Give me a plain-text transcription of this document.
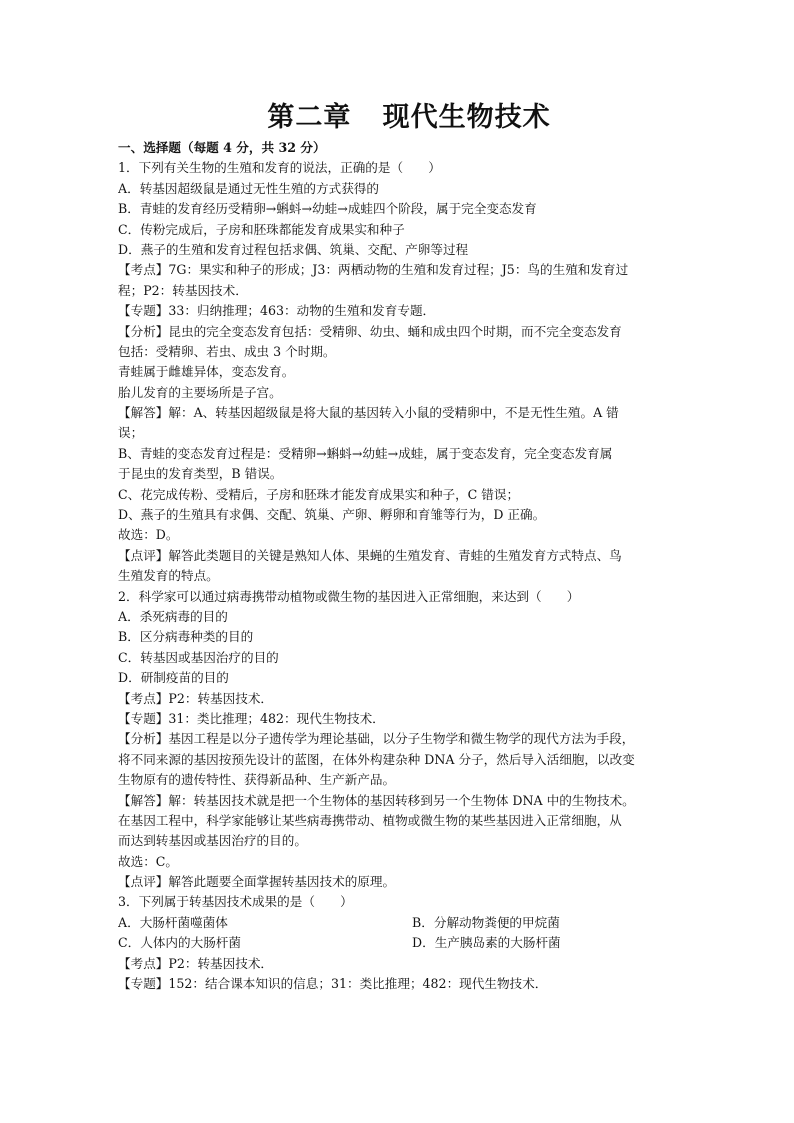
第二章   现代生物技术
一、选择题（每题 4 分，共 32 分）
1．下列有关生物的生殖和发育的说法，正确的是（　　）
A．转基因超级鼠是通过无性生殖的方式获得的
B．青蛙的发育经历受精卵→蝌蚪→幼蛙→成蛙四个阶段，属于完全变态发育
C．传粉完成后，子房和胚珠都能发育成果实和种子
D．燕子的生殖和发育过程包括求偶、筑巢、交配、产卵等过程
【考点】7G：果实和种子的形成；J3：两栖动物的生殖和发育过程；J5：鸟的生殖和发育过
程；P2：转基因技术．
【专题】33：归纳推理；463：动物的生殖和发育专题．
【分析】昆虫的完全变态发育包括：受精卵、幼虫、蛹和成虫四个时期，而不完全变态发育
包括：受精卵、若虫、成虫 3 个时期。
青蛙属于雌雄异体，变态发育。
胎儿发育的主要场所是子宫。
【解答】解：A、转基因超级鼠是将大鼠的基因转入小鼠的受精卵中，不是无性生殖。A 错
误；
B、青蛙的变态发育过程是：受精卵→蝌蚪→幼蛙→成蛙，属于变态发育，完全变态发育属
于昆虫的发育类型，B 错误。
C、花完成传粉、受精后，子房和胚珠才能发育成果实和种子，C 错误；
D、燕子的生殖具有求偶、交配、筑巢、产卵、孵卵和育雏等行为，D 正确。
故选：D。
【点评】解答此类题目的关键是熟知人体、果蝇的生殖发育、青蛙的生殖发育方式特点、鸟
生殖发育的特点。
2．科学家可以通过病毒携带动植物或微生物的基因进入正常细胞，来达到（　　）
A．杀死病毒的目的
B．区分病毒种类的目的
C．转基因或基因治疗的目的
D．研制疫苗的目的
【考点】P2：转基因技术．
【专题】31：类比推理；482：现代生物技术．
【分析】基因工程是以分子遗传学为理论基础，以分子生物学和微生物学的现代方法为手段，
将不同来源的基因按预先设计的蓝图，在体外构建杂种 DNA 分子，然后导入活细胞，以改变
生物原有的遗传特性、获得新品种、生产新产品。
【解答】解：转基因技术就是把一个生物体的基因转移到另一个生物体 DNA 中的生物技术。
在基因工程中，科学家能够让某些病毒携带动、植物或微生物的某些基因进入正常细胞，从
而达到转基因或基因治疗的目的。
故选：C。
【点评】解答此题要全面掌握转基因技术的原理。
3．下列属于转基因技术成果的是（　　）
A．大肠杆菌噬菌体	B．分解动物粪便的甲烷菌
C．人体内的大肠杆菌	D．生产胰岛素的大肠杆菌
【考点】P2：转基因技术．
【专题】152：结合课本知识的信息；31：类比推理；482：现代生物技术．
